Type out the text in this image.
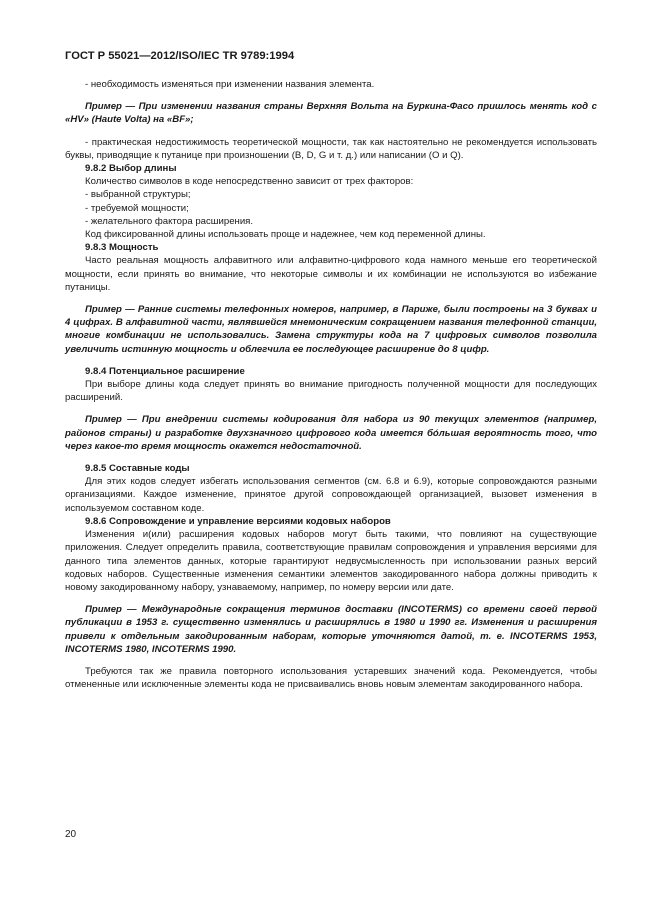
ГОСТ Р 55021—2012/ISO/IEC TR 9789:1994

- необходимость изменяться при изменении названия элемента.

Пример — При изменении названия страны Верхняя Вольта на Буркина-Фасо пришлось менять код с «HV» (Haute Volta) на «BF»;

- практическая недостижимость теоретической мощности, так как настоятельно не рекомендуется использовать буквы, приводящие к путанице при произношении (B, D, G и т. д.) или написании (O и Q).

9.8.2 Выбор длины

Количество символов в коде непосредственно зависит от трех факторов:

- выбранной структуры;

- требуемой мощности;

- желательного фактора расширения.

Код фиксированной длины использовать проще и надежнее, чем код переменной длины.

9.8.3 Мощность

Часто реальная мощность алфавитного или алфавитно-цифрового кода намного меньше его теоретической мощности, если принять во внимание, что некоторые символы и их комбинации не используются во избежание путаницы.

Пример — Ранние системы телефонных номеров, например, в Париже, были построены на 3 буквах и 4 цифрах. В алфавитной части, являвшейся мнемоническим сокращением названия телефонной станции, многие комбинации не использовались. Замена структуры кода на 7 цифровых символов позволила увеличить истинную мощность и облегчила ее последующее расширение до 8 цифр.

9.8.4 Потенциальное расширение

При выборе длины кода следует принять во внимание пригодность полученной мощности для последующих расширений.

Пример — При внедрении системы кодирования для набора из 90 текущих элементов (например, районов страны) и разработке двухзначного цифрового кода имеется бóльшая вероятность того, что через какое-то время мощность окажется недостаточной.

9.8.5 Составные коды

Для этих кодов следует избегать использования сегментов (см. 6.8 и 6.9), которые сопровождаются разными организациями. Каждое изменение, принятое другой сопровождающей организацией, вызовет изменения в используемом составном коде.

9.8.6 Сопровождение и управление версиями кодовых наборов

Изменения и(или) расширения кодовых наборов могут быть такими, что повлияют на существующие приложения. Следует определить правила, соответствующие правилам сопровождения и управления версиями для данного типа элементов данных, которые гарантируют недвусмысленность при использовании разных версий кодовых наборов. Существенные изменения семантики элементов закодированного набора должны приводить к новому закодированному набору, узнаваемому, например, по номеру версии или дате.

Пример — Международные сокращения терминов доставки (INCOTERMS) со времени своей первой публикации в 1953 г. существенно изменялись и расширялись в 1980 и 1990 гг. Изменения и расширения привели к отдельным закодированным наборам, которые уточняются датой, т. е. INCOTERMS 1953, INCOTERMS 1980, INCOTERMS 1990.

Требуются так же правила повторного использования устаревших значений кода. Рекомендуется, чтобы отмененные или исключенные элементы кода не присваивались вновь новым элементам закодированного набора.

20
